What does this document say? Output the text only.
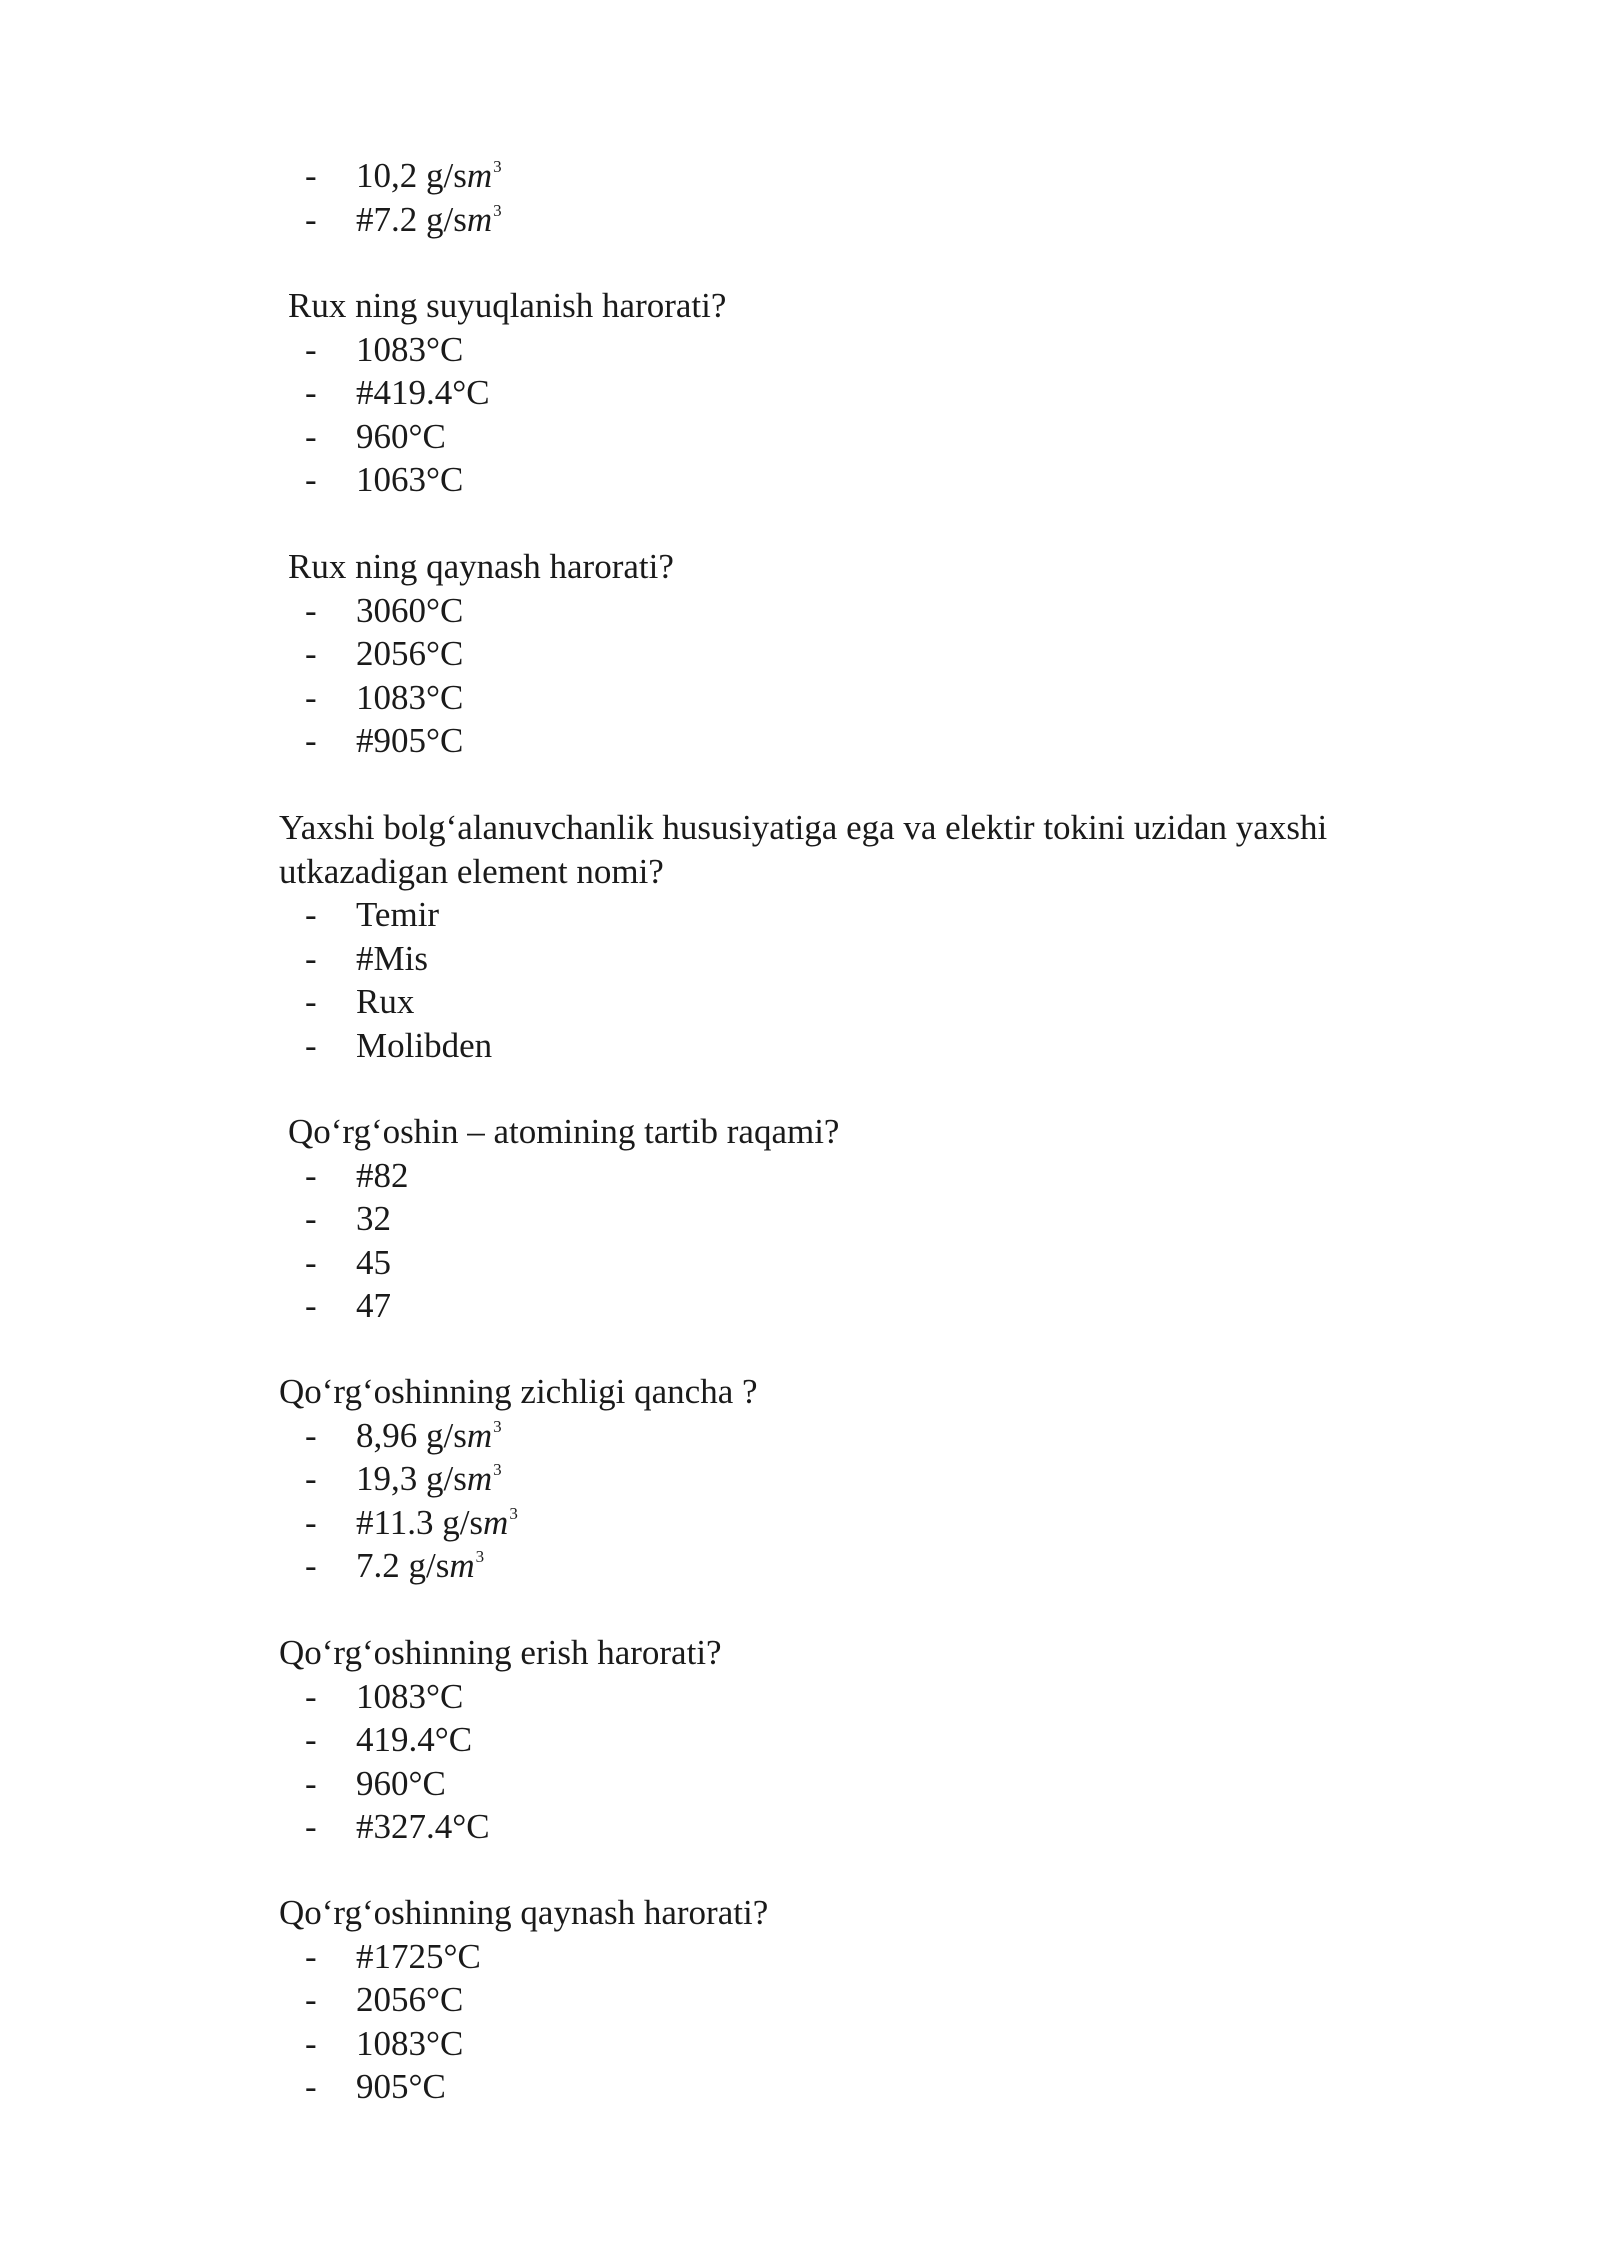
- 10,2 $g/sm^3$
- #7.2 $g/sm^3$

Rux ning suyuqlanish harorati?

- 1083°C
- #419.4°C
- 960°C
- 1063°C

Rux ning qaynash harorati?

- 3060°C
- 2056°C
- 1083°C
- #905°C

Yaxshi bolg‘alanuvchanlik hususiyatiga ega va elektir tokini uzidan yaxshi utkazadigan element nomi?

- Temir
- #Mis
- Rux
- Molibden

Qo‘rg‘oshin – atomining tartib raqami?

- #82
- 32
- 45
- 47

Qo‘rg‘oshinning zichligi qancha ?

- 8,96 $g/sm^3$
- 19,3 $g/sm^3$
- #11.3 $g/sm^3$
- 7.2 $g/sm^3$

Qo‘rg‘oshinning erish harorati?

- 1083°C
- 419.4°C
- 960°C
- #327.4°C

Qo‘rg‘oshinning qaynash harorati?

- #1725°C
- 2056°C
- 1083°C
- 905°C
